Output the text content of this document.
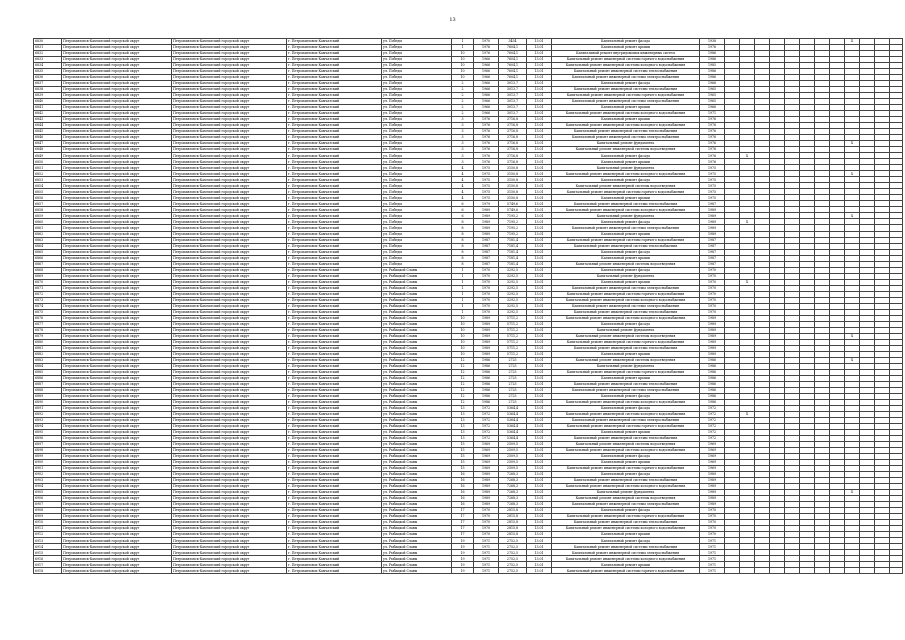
13
6830	Петропавловск-Камчатский городской округ	Петропавловск-Камчатский городской округ	г. Петропавловск-Камчатский	ул. Победы	1	1970	3454	13.01	Капитальный ремонт фасада	1938									X			
6831	Петропавловск-Камчатский городской округ	Петропавловск-Камчатский городской округ	г. Петропавловск-Камчатский	ул. Победы	1	1976	7604,1	13.01	Капитальный ремонт крыши	1976												
6832	Петропавловск-Камчатский городской округ	Петропавловск-Камчатский городской округ	г. Петропавловск-Камчатский	ул. Победы	10	1976	7604,1	13.01	Капитальный ремонт внутридомовых инженерных систем	1986												
6833	Петропавловск-Камчатский городской округ	Петропавловск-Камчатский городской округ	г. Петропавловск-Камчатский	ул. Победы	10	1966	7604,1	13.01	Капитальный ремонт инженерной системы горячего водоснабжения	1986												
6834	Петропавловск-Камчатский городской округ	Петропавловск-Камчатский городской округ	г. Петропавловск-Камчатский	ул. Победы	10	1966	7604,1	13.01	Капитальный ремонт инженерной системы холодного водоснабжения	1985												
6835	Петропавловск-Камчатский городской округ	Петропавловск-Камчатский городской округ	г. Петропавловск-Камчатский	ул. Победы	10	1966	7604,1	13.01	Капитальный ремонт инженерной системы теплоснабжения	1986												
6836	Петропавловск-Камчатский городской округ	Петропавловск-Камчатский городской округ	г. Петропавловск-Камчатский	ул. Победы	10	1966	7604,1	13.01	Капитальный ремонт инженерной системы электроснабжения	1986												
6837	Петропавловск-Камчатский городской округ	Петропавловск-Камчатский городской округ	г. Петропавловск-Камчатский	ул. Победы	2	1966	3013,7	13.01	Капитальный ремонт фасада	1966												
6838	Петропавловск-Камчатский городской округ	Петропавловск-Камчатский городской округ	г. Петропавловск-Камчатский	ул. Победы	2	1966	3013,7	13.01	Капитальный ремонт инженерной системы теплоснабжения	1965												
6839	Петропавловск-Камчатский городской округ	Петропавловск-Камчатский городской округ	г. Петропавловск-Камчатский	ул. Победы	2	1966	3013,7	13.01	Капитальный ремонт инженерной системы горячего водоснабжения	1965												
6840	Петропавловск-Камчатский городской округ	Петропавловск-Камчатский городской округ	г. Петропавловск-Камчатский	ул. Победы	2	1966	3013,7	13.01	Капитальный ремонт инженерной системы электроснабжения	1965												
6841	Петропавловск-Камчатский городской округ	Петропавловск-Камчатский городской округ	г. Петропавловск-Камчатский	ул. Победы	2	1966	3013,7	13.01	Капитальный ремонт крыши	1966												
6842	Петропавловск-Камчатский городской округ	Петропавловск-Камчатский городской округ	г. Петропавловск-Камчатский	ул. Победы	2	1966	3013,7	13.01	Капитальный ремонт инженерной системы холодного водоснабжения	1971												
6843	Петропавловск-Камчатский городской округ	Петропавловск-Камчатский городской округ	г. Петропавловск-Камчатский	ул. Победы	3	1976	3716,8	13.01	Капитальный ремонт крыши	1976												
6844	Петропавловск-Камчатский городской округ	Петропавловск-Камчатский городской округ	г. Петропавловск-Камчатский	ул. Победы	3	1976	3716,8	13.01	Капитальный ремонт инженерной системы холодного водоснабжения	1976												
6845	Петропавловск-Камчатский городской округ	Петропавловск-Камчатский городской округ	г. Петропавловск-Камчатский	ул. Победы	3	1976	3716,8	13.01	Капитальный ремонт инженерной системы теплоснабжения	1976												
6846	Петропавловск-Камчатский городской округ	Петропавловск-Камчатский городской округ	г. Петропавловск-Камчатский	ул. Победы	3	1976	3716,8	13.01	Капитальный ремонт инженерной системы электроснабжения	1976												
6847	Петропавловск-Камчатский городской округ	Петропавловск-Камчатский городской округ	г. Петропавловск-Камчатский	ул. Победы	3	1976	3716,8	13.01	Капитальный ремонт фундамента	1976									X			
6848	Петропавловск-Камчатский городской округ	Петропавловск-Камчатский городской округ	г. Петропавловск-Камчатский	ул. Победы	3	1976	3716,8	13.01	Капитальный ремонт инженерной системы водоотведения	1976												
6849	Петропавловск-Камчатский городской округ	Петропавловск-Камчатский городской округ	г. Петропавловск-Камчатский	ул. Победы	3	1976	3716,8	13.01	Капитальный ремонт фасада	1976		X										
6850	Петропавловск-Камчатский городской округ	Петропавловск-Камчатский городской округ	г. Петропавловск-Камчатский	ул. Победы	3	1976	3716,8	13.01	Капитальный ремонт крыши	1976												
6851	Петропавловск-Камчатский городской округ	Петропавловск-Камчатский городской округ	г. Петропавловск-Камчатский	ул. Победы	4	1975	3150,8	13.01	Капитальный ремонт фундамента	1975												
6852	Петропавловск-Камчатский городской округ	Петропавловск-Камчатский городской округ	г. Петропавловск-Камчатский	ул. Победы	4	1975	3150,8	13.01	Капитальный ремонт инженерной системы холодного водоснабжения	1975									X			
6853	Петропавловск-Камчатский городской округ	Петропавловск-Камчатский городской округ	г. Петропавловск-Камчатский	ул. Победы	4	1975	3150,8	13.01	Капитальный ремонт фасада	1975												
6854	Петропавловск-Камчатский городской округ	Петропавловск-Камчатский городской округ	г. Петропавловск-Камчатский	ул. Победы	4	1975	3150,8	13.01	Капитальный ремонт инженерной системы водоотведения	1975												
6855	Петропавловск-Камчатский городской округ	Петропавловск-Камчатский городской округ	г. Петропавловск-Камчатский	ул. Победы	4	1975	3150,8	13.01	Капитальный ремонт инженерной системы горячего водоснабжения	1975												
6856	Петропавловск-Камчатский городской округ	Петропавловск-Камчатский городской округ	г. Петропавловск-Камчатский	ул. Победы	4	1975	3150,8	13.01	Капитальный ремонт крыши	1975												
6857	Петропавловск-Камчатский городской округ	Петропавловск-Камчатский городской округ	г. Петропавловск-Камчатский	ул. Победы	6	1979	5749,6	13.01	Капитальный ремонт инженерной системы теплоснабжения	1987												
6858	Петропавловск-Камчатский городской округ	Петропавловск-Камчатский городской округ	г. Петропавловск-Камчатский	ул. Победы	6	1989	5749,6	13.01	Капитальный ремонт инженерной системы холодного водоснабжения	1989												
6859	Петропавловск-Камчатский городской округ	Петропавловск-Камчатский городской округ	г. Петропавловск-Камчатский	ул. Победы	6	1989	7195,2	13.01	Капитальный ремонт фундамента	1989									X			
6860	Петропавловск-Камчатский городской округ	Петропавловск-Камчатский городской округ	г. Петропавловск-Камчатский	ул. Победы	8	1989	7195,2	13.01	Капитальный ремонт фасада	1989		X										
6861	Петропавловск-Камчатский городской округ	Петропавловск-Камчатский городской округ	г. Петропавловск-Камчатский	ул. Победы	8	1989	7195,2	13.01	Капитальный ремонт инженерной системы электроснабжения	1989												
6862	Петропавловск-Камчатский городской округ	Петропавловск-Камчатский городской округ	г. Петропавловск-Камчатский	ул. Победы	8	1989	7195,2	13.01	Капитальный ремонт крыши	1989												
6863	Петропавловск-Камчатский городской округ	Петропавловск-Камчатский городской округ	г. Петропавловск-Камчатский	ул. Победы	8	1987	7181,4	13.01	Капитальный ремонт инженерной системы горячего водоснабжения	1987												
6864	Петропавловск-Камчатский городской округ	Петропавловск-Камчатский городской округ	г. Петропавловск-Камчатский	ул. Победы	8	1987	7181,4	13.01	Капитальный ремонт инженерной системы теплоснабжения	1987												
6865	Петропавловск-Камчатский городской округ	Петропавловск-Камчатский городской округ	г. Петропавловск-Камчатский	ул. Победы	8	1987	7181,4	13.01	Капитальный ремонт фасада	1987												
6866	Петропавловск-Камчатский городской округ	Петропавловск-Камчатский городской округ	г. Петропавловск-Камчатский	ул. Победы	8	1987	7181,4	13.01	Капитальный ремонт крыши	1987												
6867	Петропавловск-Камчатский городской округ	Петропавловск-Камчатский городской округ	г. Петропавловск-Камчатский	ул. Победы	8	1987	7181,4	13.01	Капитальный ремонт инженерной системы водоотведения	1987												
6868	Петропавловск-Камчатский городской округ	Петропавловск-Камчатский городской округ	г. Петропавловск-Камчатский	ул. Рыбацкой Славы	1	1970	3292,5	13.01	Капитальный ремонт фасада	1970												
6869	Петропавловск-Камчатский городской округ	Петропавловск-Камчатский городской округ	г. Петропавловск-Камчатский	ул. Рыбацкой Славы	1	1970	3292,5	13.01	Капитальный ремонт фундамента	1970												
6870	Петропавловск-Камчатский городской округ	Петропавловск-Камчатский городской округ	г. Петропавловск-Камчатский	ул. Рыбацкой Славы	1	1970	3292,5	13.01	Капитальный ремонт крыши	1970		X										
6871	Петропавловск-Камчатский городской округ	Петропавловск-Камчатский городской округ	г. Петропавловск-Камчатский	ул. Рыбацкой Славы	1	1970	3292,5	13.01	Капитальный ремонт инженерной системы электроснабжения	1970												
6872	Петропавловск-Камчатский городской округ	Петропавловск-Камчатский городской округ	г. Петропавловск-Камчатский	ул. Рыбацкой Славы	1	1970	3292,5	13.01	Капитальный ремонт инженерной системы горячего водоснабжения	1970												
6873	Петропавловск-Камчатский городской округ	Петропавловск-Камчатский городской округ	г. Петропавловск-Камчатский	ул. Рыбацкой Славы	1	1970	3292,5	13.01	Капитальный ремонт инженерной системы холодного водоснабжения	1970												
6874	Петропавловск-Камчатский городской округ	Петропавловск-Камчатский городской округ	г. Петропавловск-Камчатский	ул. Рыбацкой Славы	1	1970	3292,5	13.01	Капитальный ремонт инженерной системы электроснабжения	1970												
6875	Петропавловск-Камчатский городской округ	Петропавловск-Камчатский городской округ	г. Петропавловск-Камчатский	ул. Рыбацкой Славы	1	1970	3292,5	13.01	Капитальный ремонт инженерной системы теплоснабжения	1970												
6876	Петропавловск-Камчатский городской округ	Петропавловск-Камчатский городской округ	г. Петропавловск-Камчатский	ул. Рыбацкой Славы	10	1989	5711,2	13.01	Капитальный ремонт инженерной системы холодного водоснабжения	1989												
6877	Петропавловск-Камчатский городской округ	Петропавловск-Камчатский городской округ	г. Петропавловск-Камчатский	ул. Рыбацкой Славы	10	1989	5711,2	13.01	Капитальный ремонт фасада	1989												
6878	Петропавловск-Камчатский городской округ	Петропавловск-Камчатский городской округ	г. Петропавловск-Камчатский	ул. Рыбацкой Славы	10	1989	5711,2	13.01	Капитальный ремонт фундамента	1989												
6879	Петропавловск-Камчатский городской округ	Петропавловск-Камчатский городской округ	г. Петропавловск-Камчатский	ул. Рыбацкой Славы	10	1989	5711,2	13.01	Капитальный ремонт инженерной системы водоотведения	1989									X			
6880	Петропавловск-Камчатский городской округ	Петропавловск-Камчатский городской округ	г. Петропавловск-Камчатский	ул. Рыбацкой Славы	10	1989	5711,2	13.01	Капитальный ремонт инженерной системы горячего водоснабжения	1989												
6881	Петропавловск-Камчатский городской округ	Петропавловск-Камчатский городской округ	г. Петропавловск-Камчатский	ул. Рыбацкой Славы	10	1989	5711,2	13.01	Капитальный ремонт инженерной системы теплоснабжения	1989												
6882	Петропавловск-Камчатский городской округ	Петропавловск-Камчатский городской округ	г. Петропавловск-Камчатский	ул. Рыбацкой Славы	10	1989	5711,2	13.01	Капитальный ремонт крыши	1989												
6883	Петропавловск-Камчатский городской округ	Петропавловск-Камчатский городской округ	г. Петропавловск-Камчатский	ул. Рыбацкой Славы	12	1986	2725	13.01	Капитальный ремонт инженерной системы водоотведения	1986									X			
6884	Петропавловск-Камчатский городской округ	Петропавловск-Камчатский городской округ	г. Петропавловск-Камчатский	ул. Рыбацкой Славы	12	1986	2725	13.01	Капитальный ремонт фундамента	1986												
6885	Петропавловск-Камчатский городской округ	Петропавловск-Камчатский городской округ	г. Петропавловск-Камчатский	ул. Рыбацкой Славы	12	1986	2725	13.01	Капитальный ремонт инженерной системы горячего водоснабжения	1986												
6886	Петропавловск-Камчатский городской округ	Петропавловск-Камчатский городской округ	г. Петропавловск-Камчатский	ул. Рыбацкой Славы	12	1986	2725	13.01	Капитальный ремонт крыши	1986												
6887	Петропавловск-Камчатский городской округ	Петропавловск-Камчатский городской округ	г. Петропавловск-Камчатский	ул. Рыбацкой Славы	12	1986	2725	13.01	Капитальный ремонт инженерной системы теплоснабжения	1986												
6888	Петропавловск-Камчатский городской округ	Петропавловск-Камчатский городской округ	г. Петропавловск-Камчатский	ул. Рыбацкой Славы	12	1986	2725	13.01	Капитальный ремонт инженерной системы электроснабжения	1986												
6889	Петропавловск-Камчатский городской округ	Петропавловск-Камчатский городской округ	г. Петропавловск-Камчатский	ул. Рыбацкой Славы	12	1986	2725	13.01	Капитальный ремонт фасада	1986												
6890	Петропавловск-Камчатский городской округ	Петропавловск-Камчатский городской округ	г. Петропавловск-Камчатский	ул. Рыбацкой Славы	12	1986	2725	13.01	Капитальный ремонт инженерной системы холодного водоснабжения	1986												
6891	Петропавловск-Камчатский городской округ	Петропавловск-Камчатский городской округ	г. Петропавловск-Камчатский	ул. Рыбацкой Славы	13	1972	5364,4	13.01	Капитальный ремонт фасада	1972												
6892	Петропавловск-Камчатский городской округ	Петропавловск-Камчатский городской округ	г. Петропавловск-Камчатский	ул. Рыбацкой Славы	13	1972	5364,4	13.01	Капитальный ремонт инженерной системы холодного водоснабжения	1972		X										
6893	Петропавловск-Камчатский городской округ	Петропавловск-Камчатский городской округ	г. Петропавловск-Камчатский	ул. Рыбацкой Славы	13	1972	5364,4	13.01	Капитальный ремонт инженерной системы электроснабжения	1972												
6894	Петропавловск-Камчатский городской округ	Петропавловск-Камчатский городской округ	г. Петропавловск-Камчатский	ул. Рыбацкой Славы	13	1972	5364,4	13.01	Капитальный ремонт инженерной системы горячего водоснабжения	1972												
6895	Петропавловск-Камчатский городской округ	Петропавловск-Камчатский городской округ	г. Петропавловск-Камчатский	ул. Рыбацкой Славы	13	1972	5364,4	13.01	Капитальный ремонт крыши	1972												
6896	Петропавловск-Камчатский городской округ	Петропавловск-Камчатский городской округ	г. Петропавловск-Камчатский	ул. Рыбацкой Славы	13	1972	5364,4	13.01	Капитальный ремонт инженерной системы теплоснабжения	1972												
6897	Петропавловск-Камчатский городской округ	Петропавловск-Камчатский городской округ	г. Петропавловск-Камчатский	ул. Рыбацкой Славы	15	1969	2509,5	13.01	Капитальный ремонт инженерной системы водоотведения	1969												
6898	Петропавловск-Камчатский городской округ	Петропавловск-Камчатский городской округ	г. Петропавловск-Камчатский	ул. Рыбацкой Славы	15	1969	2509,5	13.01	Капитальный ремонт инженерной системы холодного водоснабжения	1969												
6899	Петропавловск-Камчатский городской округ	Петропавловск-Камчатский городской округ	г. Петропавловск-Камчатский	ул. Рыбацкой Славы	15	1969	2509,5	13.01	Капитальный ремонт фасада	1969												
6900	Петропавловск-Камчатский городской округ	Петропавловск-Камчатский городской округ	г. Петропавловск-Камчатский	ул. Рыбацкой Славы	15	1969	2509,5	13.01	Капитальный ремонт крыши	1969												
6901	Петропавловск-Камчатский городской округ	Петропавловск-Камчатский городской округ	г. Петропавловск-Камчатский	ул. Рыбацкой Славы	15	1969	2509,5	13.01	Капитальный ремонт инженерной системы горячего водоснабжения	1969												
6902	Петропавловск-Камчатский городской округ	Петропавловск-Камчатский городской округ	г. Петропавловск-Камчатский	ул. Рыбацкой Славы	16	1989	7268,3	13.01	Капитальный ремонт фасада	1989												
6903	Петропавловск-Камчатский городской округ	Петропавловск-Камчатский городской округ	г. Петропавловск-Камчатский	ул. Рыбацкой Славы	16	1989	7268,3	13.01	Капитальный ремонт инженерной системы теплоснабжения	1989												
6904	Петропавловск-Камчатский городской округ	Петропавловск-Камчатский городской округ	г. Петропавловск-Камчатский	ул. Рыбацкой Славы	16	1989	7268,3	13.01	Капитальный ремонт инженерной системы холодного водоснабжения	1989												
6905	Петропавловск-Камчатский городской округ	Петропавловск-Камчатский городской округ	г. Петропавловск-Камчатский	ул. Рыбацкой Славы	16	1989	7268,3	13.01	Капитальный ремонт фундамента	1989									X			
6906	Петропавловск-Камчатский городской округ	Петропавловск-Камчатский городской округ	г. Петропавловск-Камчатский	ул. Рыбацкой Славы	16	1989	7268,3	13.01	Капитальный ремонт инженерной системы водоотведения	1989												
6907	Петропавловск-Камчатский городской округ	Петропавловск-Камчатский городской округ	г. Петропавловск-Камчатский	ул. Рыбацкой Славы	16	1989	7268,3	13.01	Капитальный ремонт инженерной системы электроснабжения	1989												
6908	Петропавловск-Камчатский городской округ	Петропавловск-Камчатский городской округ	г. Петропавловск-Камчатский	ул. Рыбацкой Славы	17	1970	2815,8	13.01	Капитальный ремонт фасада	1970												
6909	Петропавловск-Камчатский городской округ	Петропавловск-Камчатский городской округ	г. Петропавловск-Камчатский	ул. Рыбацкой Славы	17	1970	2815,8	13.01	Капитальный ремонт инженерной системы горячего водоснабжения	1970												
6910	Петропавловск-Камчатский городской округ	Петропавловск-Камчатский городской округ	г. Петропавловск-Камчатский	ул. Рыбацкой Славы	17	1970	2815,8	13.01	Капитальный ремонт инженерной системы теплоснабжения	1970												
6911	Петропавловск-Камчатский городской округ	Петропавловск-Камчатский городской округ	г. Петропавловск-Камчатский	ул. Рыбацкой Славы	17	1970	2815,8	13.01	Капитальный ремонт инженерной системы холодного водоснабжения	1970												
6912	Петропавловск-Камчатский городской округ	Петропавловск-Камчатский городской округ	г. Петропавловск-Камчатский	ул. Рыбацкой Славы	17	1970	2815,8	13.01	Капитальный ремонт крыши	1970												
6913	Петропавловск-Камчатский городской округ	Петропавловск-Камчатский городской округ	г. Петропавловск-Камчатский	ул. Рыбацкой Славы	19	1971	2752,5	13.01	Капитальный ремонт фасада	1971												
6914	Петропавловск-Камчатский городской округ	Петропавловск-Камчатский городской округ	г. Петропавловск-Камчатский	ул. Рыбацкой Славы	19	1971	2752,5	13.01	Капитальный ремонт инженерной системы теплоснабжения	1971												
6915	Петропавловск-Камчатский городской округ	Петропавловск-Камчатский городской округ	г. Петропавловск-Камчатский	ул. Рыбацкой Славы	19	1971	2752,5	13.01	Капитальный ремонт инженерной системы электроснабжения	1971												
6916	Петропавловск-Камчатский городской округ	Петропавловск-Камчатский городской округ	г. Петропавловск-Камчатский	ул. Рыбацкой Славы	19	1971	2752,5	13.01	Капитальный ремонт инженерной системы холодного водоснабжения	1971												
6917	Петропавловск-Камчатский городской округ	Петропавловск-Камчатский городской округ	г. Петропавловск-Камчатский	ул. Рыбацкой Славы	19	1971	2752,5	13.01	Капитальный ремонт крыши	1971												
6918	Петропавловск-Камчатский городской округ	Петропавловск-Камчатский городской округ	г. Петропавловск-Камчатский	ул. Рыбацкой Славы	19	1971	2752,5	13.01	Капитальный ремонт инженерной системы горячего водоснабжения	1971												
